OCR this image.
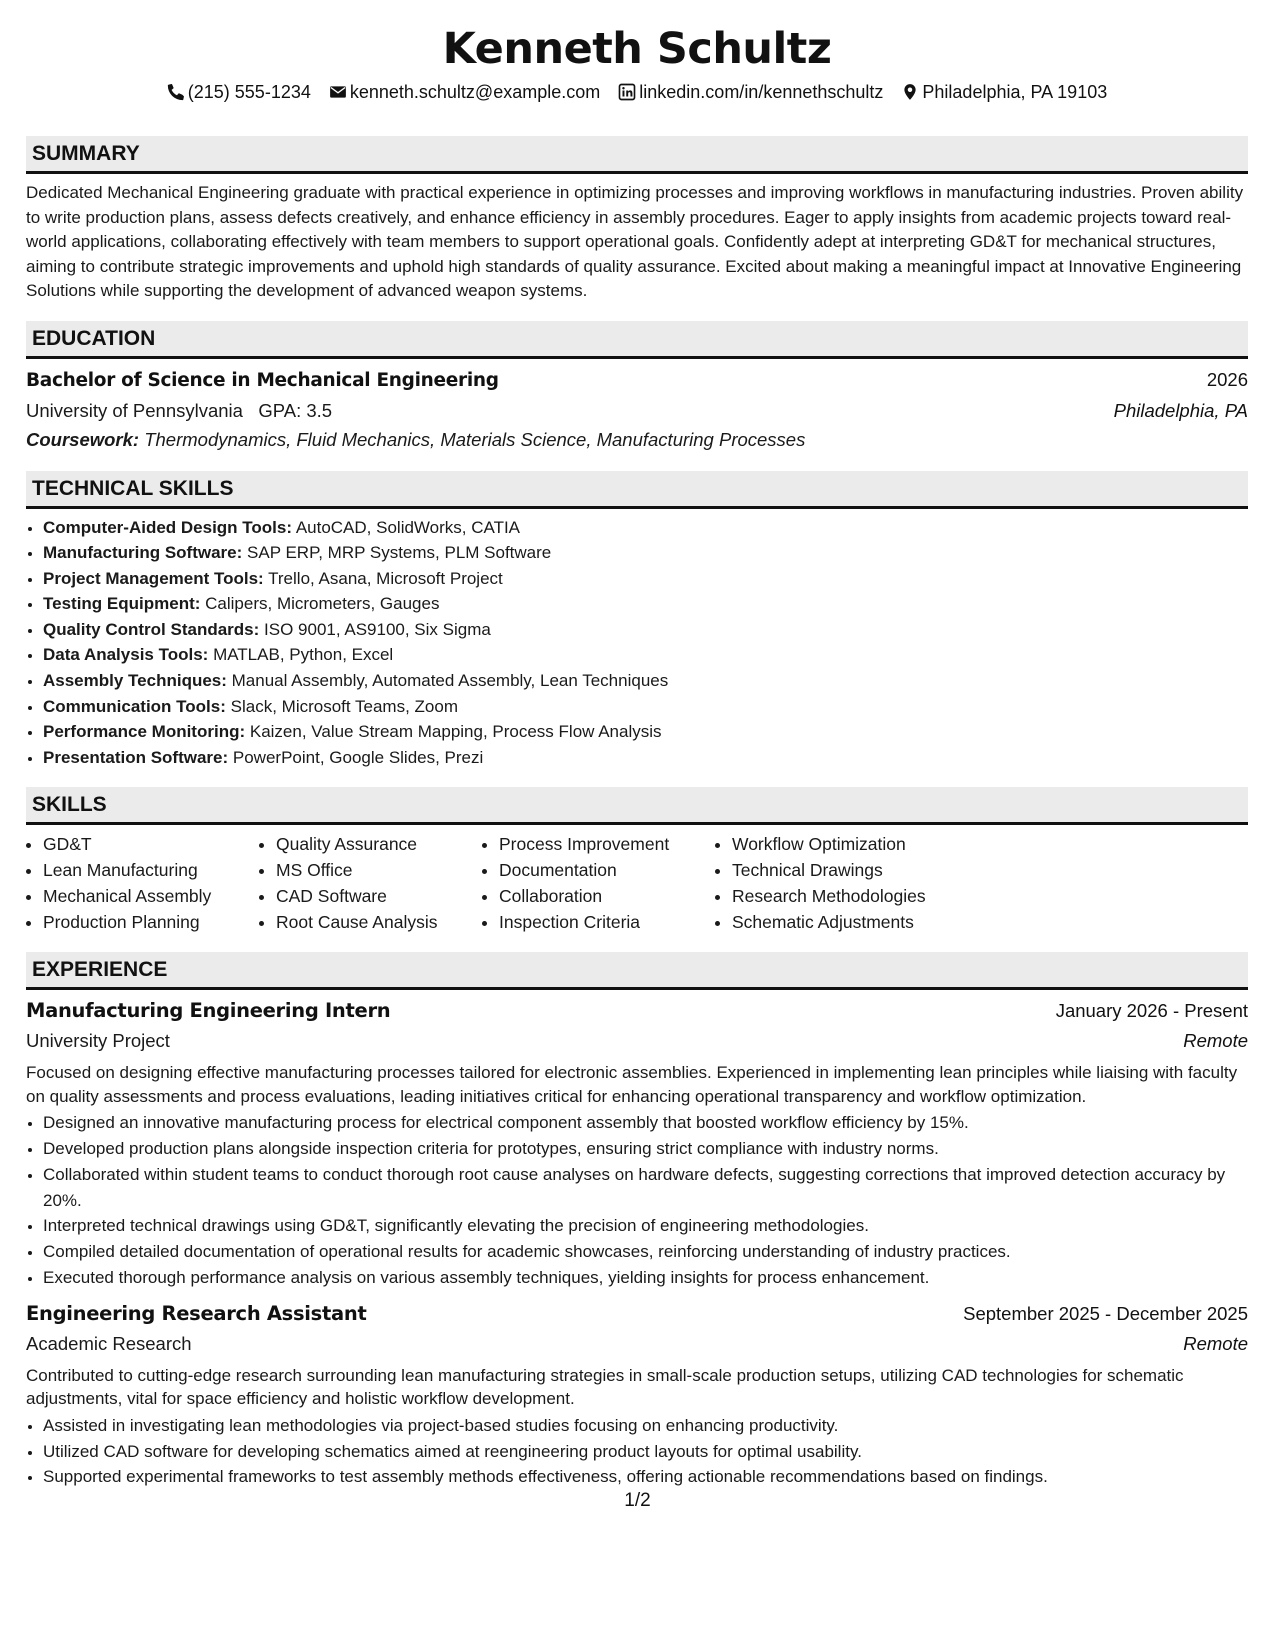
Kenneth Schultz
(215) 555-1234 kenneth.schultz@example.com linkedin.com/in/kennethschultz Philadelphia, PA 19103
SUMMARY
Dedicated Mechanical Engineering graduate with practical experience in optimizing processes and improving workflows in manufacturing industries. Proven ability to write production plans, assess defects creatively, and enhance efficiency in assembly procedures. Eager to apply insights from academic projects toward real-world applications, collaborating effectively with team members to support operational goals. Confidently adept at interpreting GD&T for mechanical structures, aiming to contribute strategic improvements and uphold high standards of quality assurance. Excited about making a meaningful impact at Innovative Engineering Solutions while supporting the development of advanced weapon systems.
EDUCATION
Bachelor of Science in Mechanical Engineering	2026
University of Pennsylvania GPA: 3.5	Philadelphia, PA
Coursework: Thermodynamics, Fluid Mechanics, Materials Science, Manufacturing Processes
TECHNICAL SKILLS
• Computer-Aided Design Tools: AutoCAD, SolidWorks, CATIA
• Manufacturing Software: SAP ERP, MRP Systems, PLM Software
• Project Management Tools: Trello, Asana, Microsoft Project
• Testing Equipment: Calipers, Micrometers, Gauges
• Quality Control Standards: ISO 9001, AS9100, Six Sigma
• Data Analysis Tools: MATLAB, Python, Excel
• Assembly Techniques: Manual Assembly, Automated Assembly, Lean Techniques
• Communication Tools: Slack, Microsoft Teams, Zoom
• Performance Monitoring: Kaizen, Value Stream Mapping, Process Flow Analysis
• Presentation Software: PowerPoint, Google Slides, Prezi
SKILLS
• GD&T
• Lean Manufacturing
• Mechanical Assembly
• Production Planning
• Quality Assurance
• MS Office
• CAD Software
• Root Cause Analysis
• Process Improvement
• Documentation
• Collaboration
• Inspection Criteria
• Workflow Optimization
• Technical Drawings
• Research Methodologies
• Schematic Adjustments
EXPERIENCE
Manufacturing Engineering Intern	January 2026 - Present
University Project	Remote
Focused on designing effective manufacturing processes tailored for electronic assemblies. Experienced in implementing lean principles while liaising with faculty on quality assessments and process evaluations, leading initiatives critical for enhancing operational transparency and workflow optimization.
• Designed an innovative manufacturing process for electrical component assembly that boosted workflow efficiency by 15%.
• Developed production plans alongside inspection criteria for prototypes, ensuring strict compliance with industry norms.
• Collaborated within student teams to conduct thorough root cause analyses on hardware defects, suggesting corrections that improved detection accuracy by 20%.
• Interpreted technical drawings using GD&T, significantly elevating the precision of engineering methodologies.
• Compiled detailed documentation of operational results for academic showcases, reinforcing understanding of industry practices.
• Executed thorough performance analysis on various assembly techniques, yielding insights for process enhancement.
Engineering Research Assistant	September 2025 - December 2025
Academic Research	Remote
Contributed to cutting-edge research surrounding lean manufacturing strategies in small-scale production setups, utilizing CAD technologies for schematic adjustments, vital for space efficiency and holistic workflow development.
• Assisted in investigating lean methodologies via project-based studies focusing on enhancing productivity.
• Utilized CAD software for developing schematics aimed at reengineering product layouts for optimal usability.
• Supported experimental frameworks to test assembly methods effectiveness, offering actionable recommendations based on findings.
1/2
